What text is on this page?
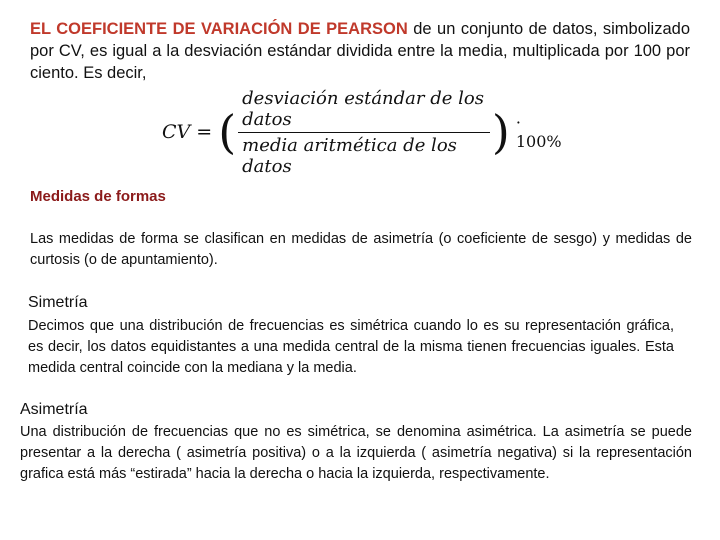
EL COEFICIENTE DE VARIACIÓN DE PEARSON de un conjunto de datos, simbolizado por CV, es igual a la desviación estándar dividida entre la media, multiplicada por 100 por ciento. Es decir,

CV = ( $\frac{\text{desviación estándar de los datos}}{\text{media aritmética de los datos}}$ ) · 100%
Medidas de formas

Las medidas de forma se clasifican en medidas de asimetría (o coeficiente de sesgo) y medidas de curtosis (o de apuntamiento).

Simetría

Decimos que una distribución de frecuencias es simétrica cuando lo es su representación gráfica, es decir, los datos equidistantes a una medida central de la misma tienen frecuencias iguales. Esta medida central coincide con la mediana y la media.

Asimetría

Una distribución de frecuencias que no es simétrica, se denomina asimétrica. La asimetría se puede presentar a la derecha ( asimetría positiva) o a la izquierda ( asimetría negativa) si la representación grafica está más “estirada” hacia la derecha o hacia la izquierda, respectivamente.
